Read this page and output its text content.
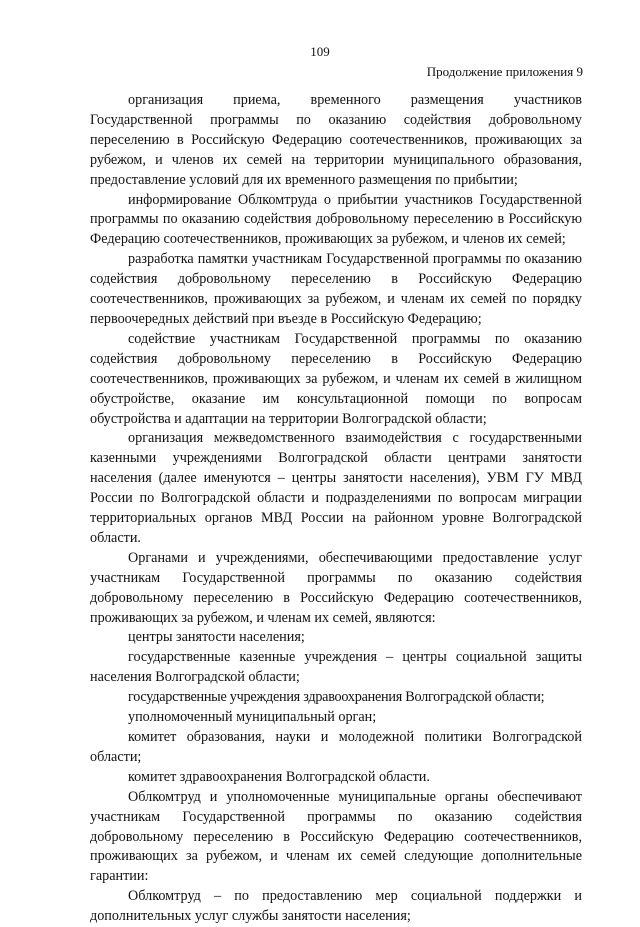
109
Продолжение приложения 9

организация приема, временного размещения участников Государственной программы по оказанию содействия добровольному переселению в Российскую Федерацию соотечественников, проживающих за рубежом, и членов их семей на территории муниципального образования, предоставление условий для их временного размещения по прибытии;

информирование Облкомтруда о прибытии участников Государственной программы по оказанию содействия добровольному переселению в Российскую Федерацию соотечественников, проживающих за рубежом, и членов их семей;

разработка памятки участникам Государственной программы по оказанию содействия добровольному переселению в Российскую Федерацию соотечественников, проживающих за рубежом, и членам их семей по порядку первоочередных действий при въезде в Российскую Федерацию;

содействие участникам Государственной программы по оказанию содействия добровольному переселению в Российскую Федерацию соотечественников, проживающих за рубежом, и членам их семей в жилищном обустройстве, оказание им консультационной помощи по вопросам обустройства и адаптации на территории Волгоградской области;

организация межведомственного взаимодействия с государственными казенными учреждениями Волгоградской области центрами занятости населения (далее именуются – центры занятости населения), УВМ ГУ МВД России по Волгоградской области и подразделениями по вопросам миграции территориальных органов МВД России на районном уровне Волгоградской области.

Органами и учреждениями, обеспечивающими предоставление услуг участникам Государственной программы по оказанию содействия добровольному переселению в Российскую Федерацию соотечественников, проживающих за рубежом, и членам их семей, являются:

центры занятости населения;

государственные казенные учреждения – центры социальной защиты населения Волгоградской области;

государственные учреждения здравоохранения Волгоградской области;

уполномоченный муниципальный орган;

комитет образования, науки и молодежной политики Волгоградской области;

комитет здравоохранения Волгоградской области.

Облкомтруд и уполномоченные муниципальные органы обеспечивают участникам Государственной программы по оказанию содействия добровольному переселению в Российскую Федерацию соотечественников, проживающих за рубежом, и членам их семей следующие дополнительные гарантии:

Облкомтруд – по предоставлению мер социальной поддержки и дополнительных услуг службы занятости населения;
